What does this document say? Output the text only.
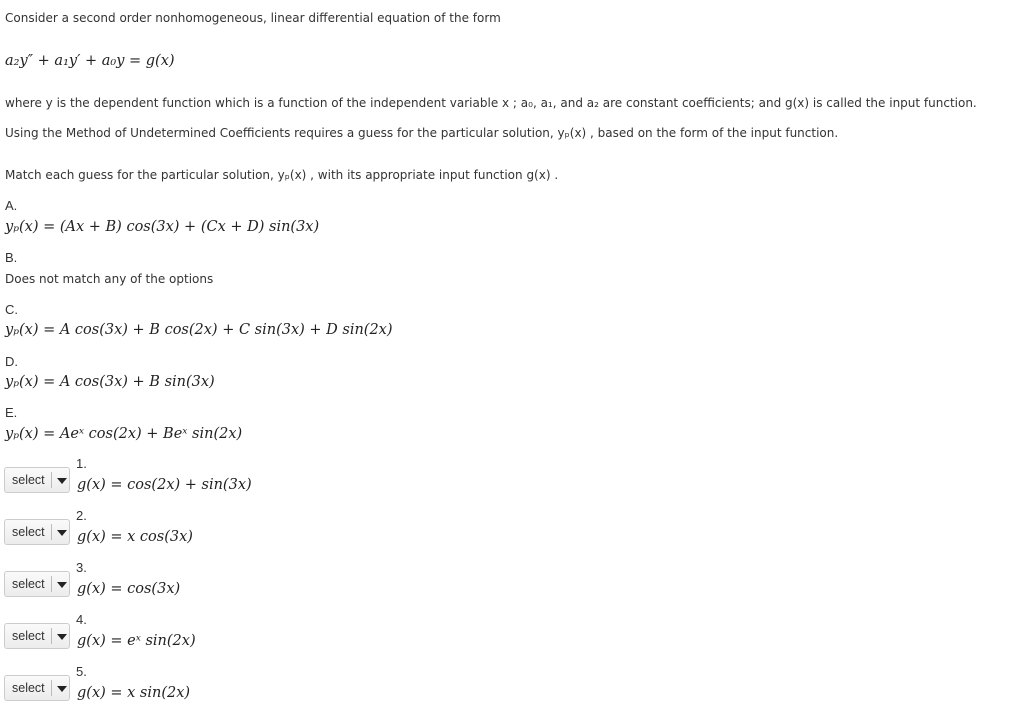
Consider a second order nonhomogeneous, linear differential equation of the form
a₂y″ + a₁y′ + a₀y = g(x)
where y is the dependent function which is a function of the independent variable x ; a₀, a₁, and a₂ are constant coefficients; and g(x) is called the input function.
Using the Method of Undetermined Coefficients requires a guess for the particular solution, yₚ(x) , based on the form of the input function.
Match each guess for the particular solution, yₚ(x) , with its appropriate input function g(x) .
A.
yₚ(x) = (Ax + B) cos(3x) + (Cx + D) sin(3x)
B.
Does not match any of the options
C.
yₚ(x) = A cos(3x) + B cos(2x) + C sin(3x) + D sin(2x)
D.
yₚ(x) = A cos(3x) + B sin(3x)
E.
yₚ(x) = Aeˣ cos(2x) + Beˣ sin(2x)
select
1.
g(x) = cos(2x) + sin(3x)
select
2.
g(x) = x cos(3x)
select
3.
g(x) = cos(3x)
select
4.
g(x) = eˣ sin(2x)
select
5.
g(x) = x sin(2x)
